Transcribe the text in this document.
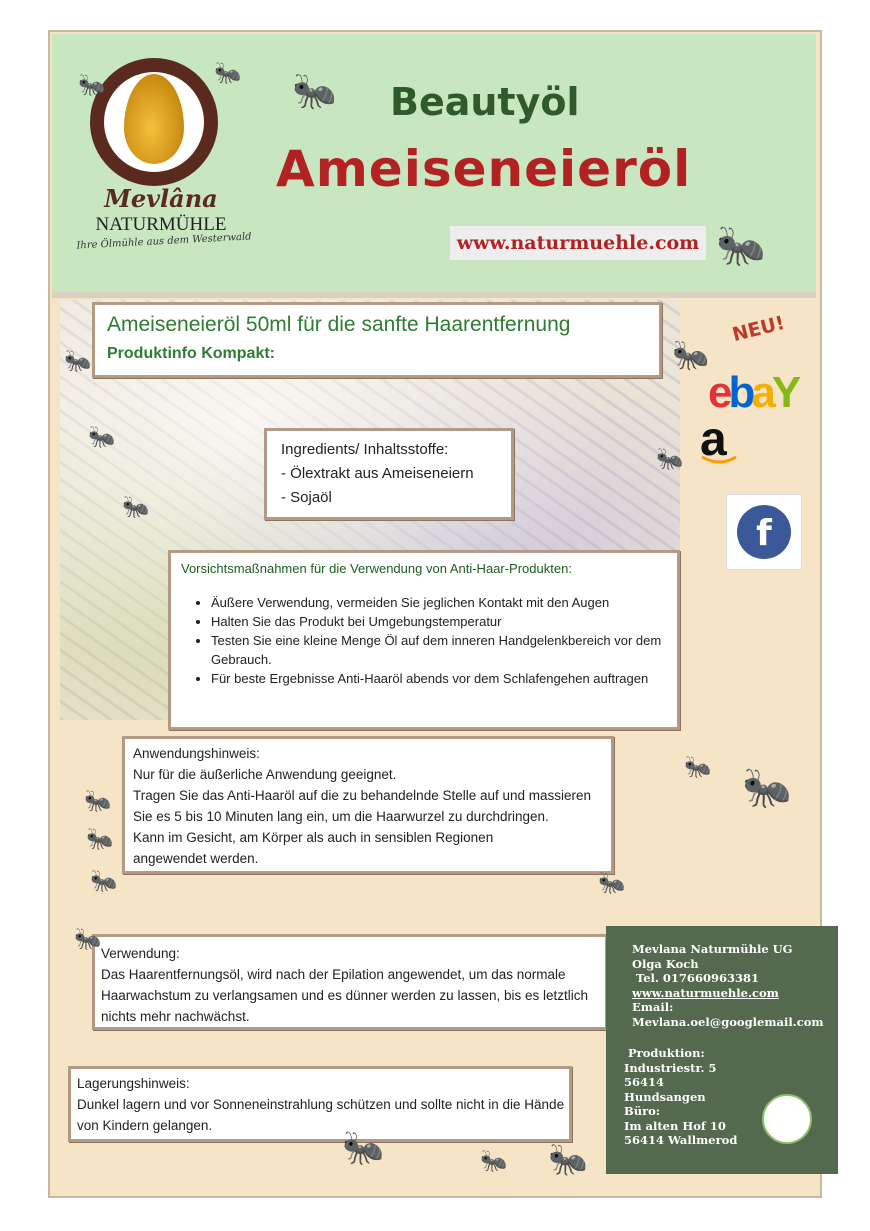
Mevlâna
NATURMÜHLE
Ihre Ölmühle aus dem Westerwald
Beautyöl
Ameiseneieröl
www.naturmuehle.com
Ameiseneieröl 50ml für die sanfte Haarentfernung
Produktinfo Kompakt:
NEU!
ebaY
a
f
Ingredients/ Inhaltsstoffe:
- Ölextrakt aus Ameiseneiern
- Sojaöl
Vorsichtsmaßnahmen für die Verwendung von Anti-Haar-Produkten:
• Äußere Verwendung, vermeiden Sie jeglichen Kontakt mit den Augen
• Halten Sie das Produkt bei Umgebungstemperatur
• Testen Sie eine kleine Menge Öl auf dem inneren Handgelenkbereich vor dem Gebrauch.
• Für beste Ergebnisse Anti-Haaröl abends vor dem Schlafengehen auftragen
Anwendungshinweis:
Nur für die äußerliche Anwendung geeignet.
Tragen Sie das Anti-Haaröl auf die zu behandelnde Stelle auf und massieren Sie es 5 bis 10 Minuten lang ein, um die Haarwurzel zu durchdringen.
Kann im Gesicht, am Körper als auch in sensiblen Regionen angewendet werden.
Verwendung:
Das Haarentfernungsöl, wird nach der Epilation angewendet, um das normale Haarwachstum zu verlangsamen und es dünner werden zu lassen, bis es letztlich nichts mehr nachwächst.
Lagerungshinweis:
Dunkel lagern und vor Sonneneinstrahlung schützen und sollte nicht in die Hände von Kindern gelangen.
Mevlana Naturmühle UG
Olga Koch
Tel. 017660963381
www.naturmuehle.com
Email:
Mevlana.oel@googlemail.com
Produktion:
Industriestr. 5
56414
Hundsangen
Büro:
Im alten Hof 10
56414 Wallmerod
🐜	🐜 🐜
🐜
🐜
🐜
🐜
🐜
🐜
🐜 🐜
🐜
🐜
🐜	🐜
🐜
🐜	🐜 🐜
